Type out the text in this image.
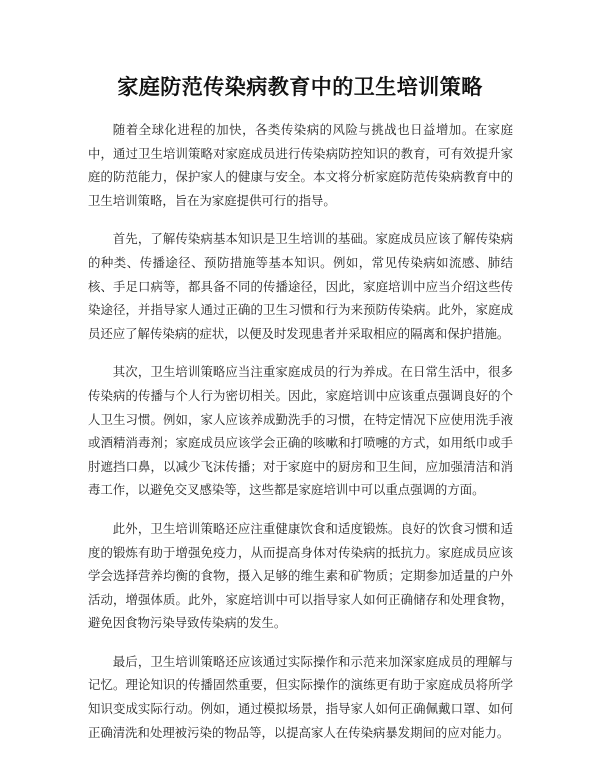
家庭防范传染病教育中的卫生培训策略

随着全球化进程的加快，各类传染病的风险与挑战也日益增加。在家庭中，通过卫生培训策略对家庭成员进行传染病防控知识的教育，可有效提升家庭的防范能力，保护家人的健康与安全。本文将分析家庭防范传染病教育中的卫生培训策略，旨在为家庭提供可行的指导。

首先，了解传染病基本知识是卫生培训的基础。家庭成员应该了解传染病的种类、传播途径、预防措施等基本知识。例如，常见传染病如流感、肺结核、手足口病等，都具备不同的传播途径，因此，家庭培训中应当介绍这些传染途径，并指导家人通过正确的卫生习惯和行为来预防传染病。此外，家庭成员还应了解传染病的症状，以便及时发现患者并采取相应的隔离和保护措施。

其次，卫生培训策略应当注重家庭成员的行为养成。在日常生活中，很多传染病的传播与个人行为密切相关。因此，家庭培训中应该重点强调良好的个人卫生习惯。例如，家人应该养成勤洗手的习惯，在特定情况下应使用洗手液或酒精消毒剂；家庭成员应该学会正确的咳嗽和打喷嚏的方式，如用纸巾或手肘遮挡口鼻，以减少飞沫传播；对于家庭中的厨房和卫生间，应加强清洁和消毒工作，以避免交叉感染等，这些都是家庭培训中可以重点强调的方面。

此外，卫生培训策略还应注重健康饮食和适度锻炼。良好的饮食习惯和适度的锻炼有助于增强免疫力，从而提高身体对传染病的抵抗力。家庭成员应该学会选择营养均衡的食物，摄入足够的维生素和矿物质；定期参加适量的户外活动，增强体质。此外，家庭培训中可以指导家人如何正确储存和处理食物，避免因食物污染导致传染病的发生。

最后，卫生培训策略还应该通过实际操作和示范来加深家庭成员的理解与记忆。理论知识的传播固然重要，但实际操作的演练更有助于家庭成员将所学知识变成实际行动。例如，通过模拟场景，指导家人如何正确佩戴口罩、如何正确清洗和处理被污染的物品等，以提高家人在传染病暴发期间的应对能力。
